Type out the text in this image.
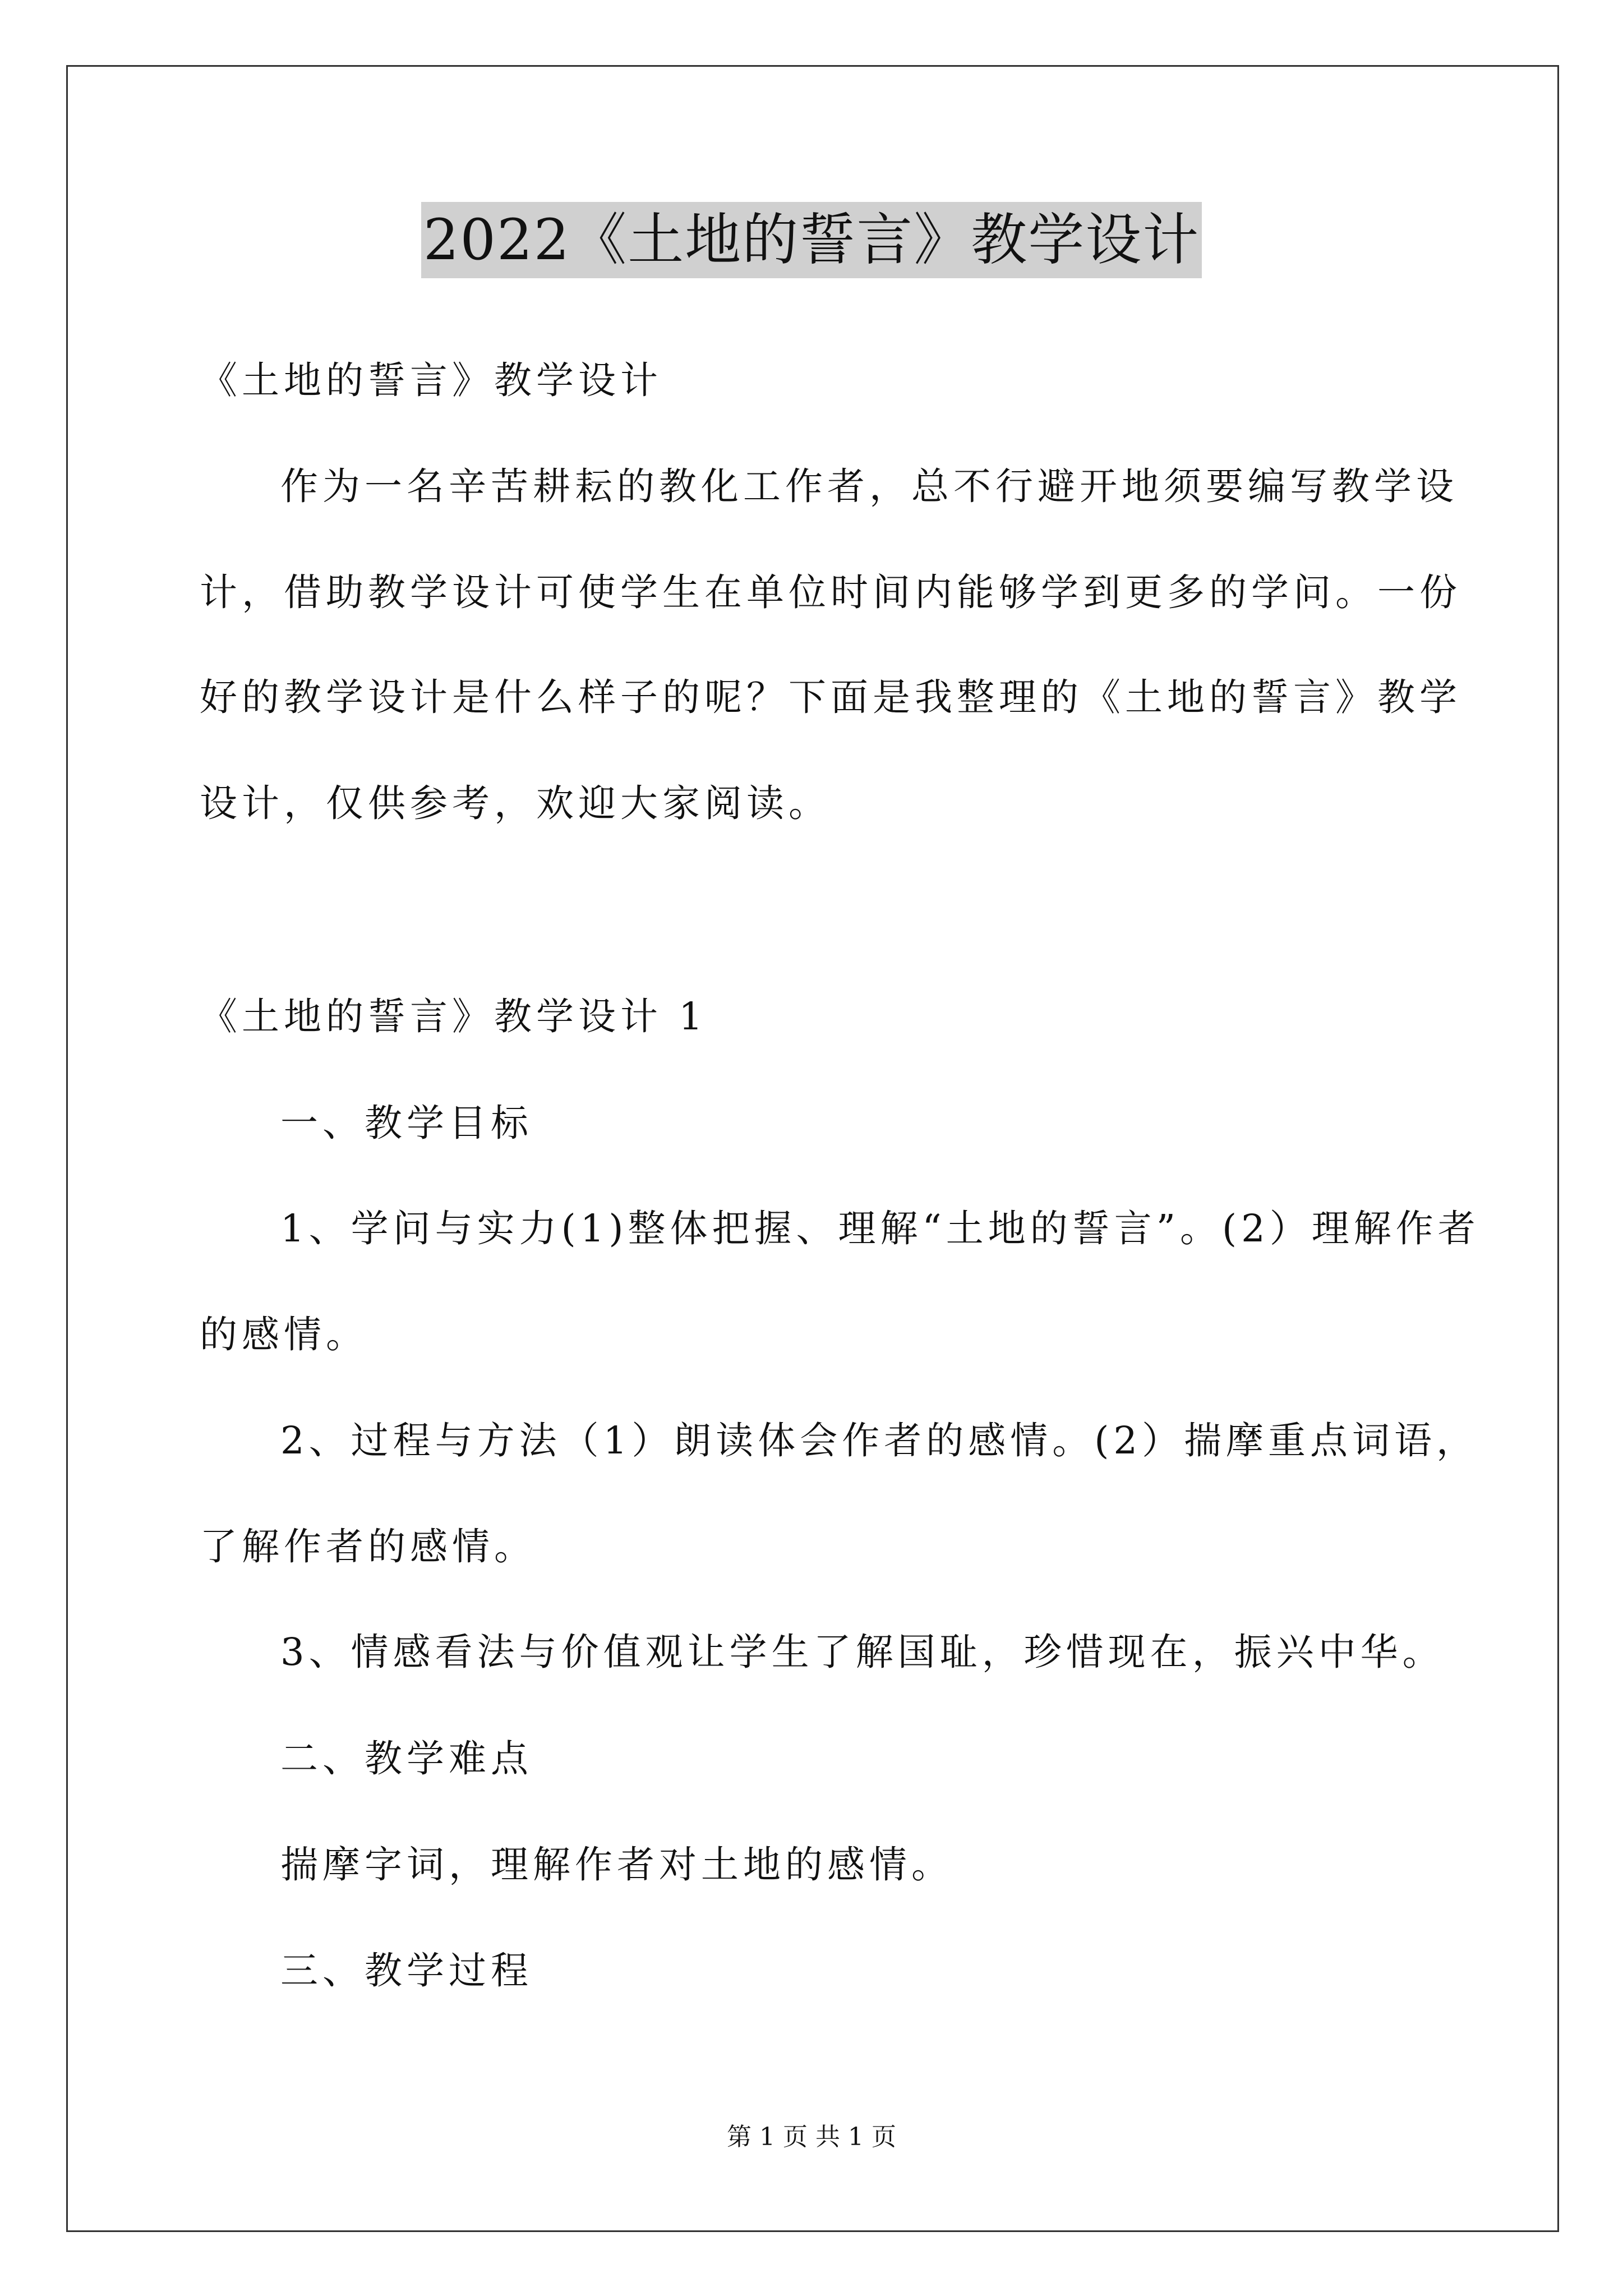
2022《土地的誓言》教学设计
《土地的誓言》教学设计
作为一名辛苦耕耘的教化工作者，总不行避开地须要编写教学设
计，借助教学设计可使学生在单位时间内能够学到更多的学问。一份
好的教学设计是什么样子的呢？下面是我整理的《土地的誓言》教学
设计，仅供参考，欢迎大家阅读。
《土地的誓言》教学设计 1
一、教学目标
1、学问与实力(1)整体把握、理解“土地的誓言”。(2）理解作者
的感情。
2、过程与方法（1）朗读体会作者的感情。(2）揣摩重点词语，
了解作者的感情。
3、情感看法与价值观让学生了解国耻，珍惜现在，振兴中华。
二、教学难点
揣摩字词，理解作者对土地的感情。
三、教学过程
第 1 页 共 1 页
